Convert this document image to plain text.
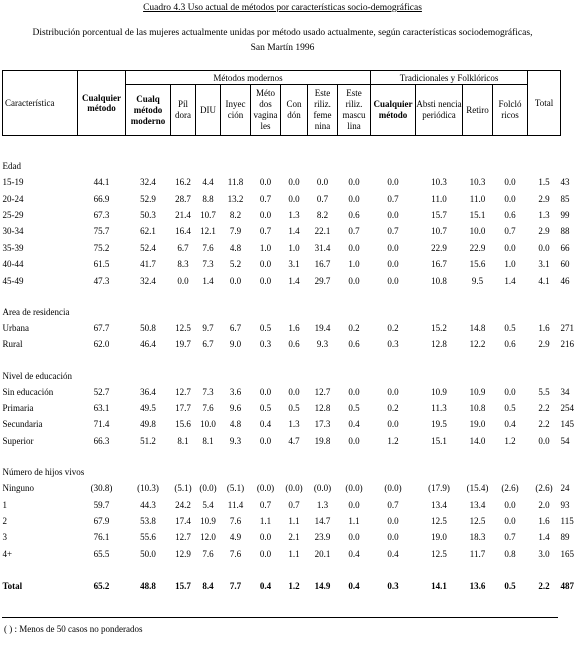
Cuadro 4.3 Uso actual de métodos por características socio-demográficas
Distribución porcentual de las mujeres actualmente unidas por método usado actualmente, según características sociodemográficas,
San Martín 1996
Característica	Cualquier método	Métodos modernos								Tradicionales y Folklóricos				Total	
		Cualq método moderno	Píl dora	DIU	Inyec ción	Méto dos vagina les	Con dón	Este riliz. feme nina	Este riliz. mascu lina	Cualquier método	Absti nencia periódica	Retiro	Folcló ricos		

Edad															
15-19	44.1	32.4	16.2	4.4	11.8	0.0	0.0	0.0	0.0	0.0	10.3	10.3	0.0	1.5	43
20-24	66.9	52.9	28.7	8.8	13.2	0.7	0.0	0.7	0.0	0.7	11.0	11.0	0.0	2.9	85
25-29	67.3	50.3	21.4	10.7	8.2	0.0	1.3	8.2	0.6	0.0	15.7	15.1	0.6	1.3	99
30-34	75.7	62.1	16.4	12.1	7.9	0.7	1.4	22.1	0.7	0.7	10.7	10.0	0.7	2.9	88
35-39	75.2	52.4	6.7	7.6	4.8	1.0	1.0	31.4	0.0	0.0	22.9	22.9	0.0	0.0	66
40-44	61.5	41.7	8.3	7.3	5.2	0.0	3.1	16.7	1.0	0.0	16.7	15.6	1.0	3.1	60
45-49	47.3	32.4	0.0	1.4	0.0	0.0	1.4	29.7	0.0	0.0	10.8	9.5	1.4	4.1	46

Area de residencia															
Urbana	67.7	50.8	12.5	9.7	6.7	0.5	1.6	19.4	0.2	0.2	15.2	14.8	0.5	1.6	271
Rural	62.0	46.4	19.7	6.7	9.0	0.3	0.6	9.3	0.6	0.3	12.8	12.2	0.6	2.9	216

Nivel de educación															
Sin educación	52.7	36.4	12.7	7.3	3.6	0.0	0.0	12.7	0.0	0.0	10.9	10.9	0.0	5.5	34
Primaria	63.1	49.5	17.7	7.6	9.6	0.5	0.5	12.8	0.5	0.2	11.3	10.8	0.5	2.2	254
Secundaria	71.4	49.8	15.6	10.0	4.8	0.4	1.3	17.3	0.4	0.0	19.5	19.0	0.4	2.2	145
Superior	66.3	51.2	8.1	8.1	9.3	0.0	4.7	19.8	0.0	1.2	15.1	14.0	1.2	0.0	54

Número de hijos vivos															
Ninguno	(30.8)	(10.3)	(5.1)	(0.0)	(5.1)	(0.0)	(0.0)	(0.0)	(0.0)	(0.0)	(17.9)	(15.4)	(2.6)	(2.6)	24
1	59.7	44.3	24.2	5.4	11.4	0.7	0.7	1.3	0.0	0.7	13.4	13.4	0.0	2.0	93
2	67.9	53.8	17.4	10.9	7.6	1.1	1.1	14.7	1.1	0.0	12.5	12.5	0.0	1.6	115
3	76.1	55.6	12.7	12.0	4.9	0.0	2.1	23.9	0.0	0.0	19.0	18.3	0.7	1.4	89
4+	65.5	50.0	12.9	7.6	7.6	0.0	1.1	20.1	0.4	0.4	12.5	11.7	0.8	3.0	165

Total	65.2	48.8	15.7	8.4	7.7	0.4	1.2	14.9	0.4	0.3	14.1	13.6	0.5	2.2	487
( ) : Menos de 50 casos no ponderados
